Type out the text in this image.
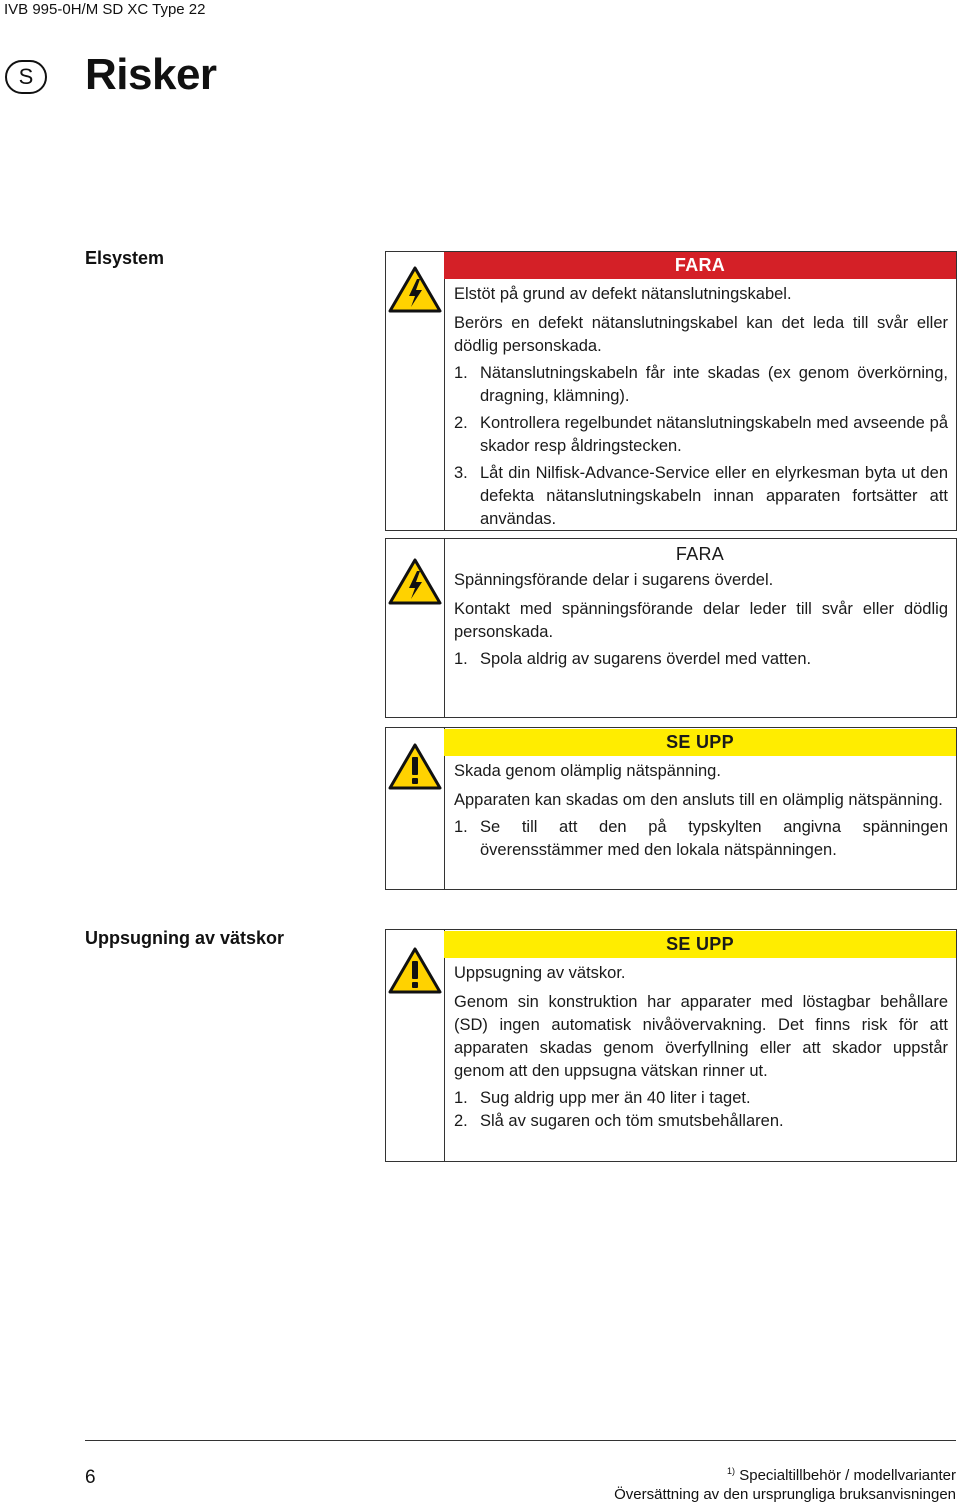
IVB 995-0H/M SD XC Type 22
S	Risker
Elsystem
Uppsugning av vätskor
FARA

Elstöt på grund av defekt nätanslutningskabel.

Berörs en defekt nätanslutningskabel kan det leda till svår eller dödlig personskada.

1. Nätanslutningskabeln får inte skadas (ex genom överkörning, dragning, klämning).
2. Kontrollera regelbundet nätanslutningskabeln med avseende på skador resp åldringstecken.
3. Låt din Nilfisk-Advance-Service eller en elyrkesman byta ut den defekta nätanslutningskabeln innan apparaten fortsätter att användas.
FARA

Spänningsförande delar i sugarens överdel.

Kontakt med spänningsförande delar leder till svår eller dödlig personskada.

1. Spola aldrig av sugarens överdel med vatten.
SE UPP

Skada genom olämplig nätspänning.

Apparaten kan skadas om den ansluts till en olämplig nätspänning.

1. Se till att den på typskylten angivna spänningen överensstämmer med den lokala nätspänningen.
SE UPP

Uppsugning av vätskor.

Genom sin konstruktion har apparater med löstagbar behållare (SD) ingen automatisk nivåövervakning. Det finns risk för att apparaten skadas genom överfyllning eller att skador uppstår genom att den uppsugna vätskan rinner ut.

1. Sug aldrig upp mer än 40 liter i taget.
2. Slå av sugaren och töm smutsbehållaren.
6	$^{1)}$ Specialtillbehör / modellvarianter
Översättning av den ursprungliga bruksanvisningen
